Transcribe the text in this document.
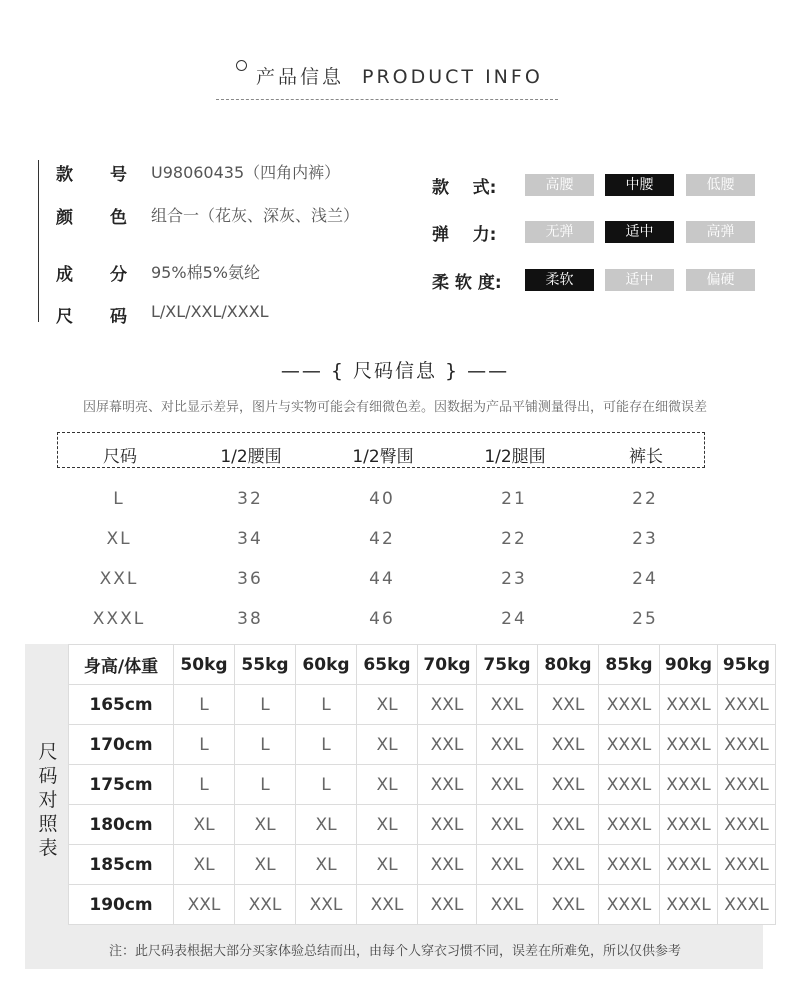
产品信息 PRODUCT INFO
款 号 U98060435（四角内裤）
颜 色 组合一（花灰、深灰、浅兰）
成 分 95%棉5%氨纶
尺 码 L/XL/XXL/XXXL
款    式:	高腰	中腰	低腰
弹    力:	无弹	适中	高弹
柔 软 度:	柔软	适中	偏硬
—— { 尺码信息 } ——
因屏幕明亮、对比显示差异，图片与实物可能会有细微色差。因数据为产品平铺测量得出，可能存在细微误差
尺码	1/2腰围	1/2臀围	1/2腿围	裤长
L	32	40	21	22
XL	34	42	22	23
XXL	36	44	23	24
XXXL	38	46	24	25
尺码对照表
身高/体重	50kg	55kg	60kg	65kg	70kg	75kg	80kg	85kg	90kg	95kg
165cm	L	L	L	XL	XXL	XXL	XXL	XXXL	XXXL	XXXL
170cm	L	L	L	XL	XXL	XXL	XXL	XXXL	XXXL	XXXL
175cm	L	L	L	XL	XXL	XXL	XXL	XXXL	XXXL	XXXL
180cm	XL	XL	XL	XL	XXL	XXL	XXL	XXXL	XXXL	XXXL
185cm	XL	XL	XL	XL	XXL	XXL	XXL	XXXL	XXXL	XXXL
190cm	XXL	XXL	XXL	XXL	XXL	XXL	XXL	XXXL	XXXL	XXXL
注：此尺码表根据大部分买家体验总结而出，由每个人穿衣习惯不同，误差在所难免，所以仅供参考
